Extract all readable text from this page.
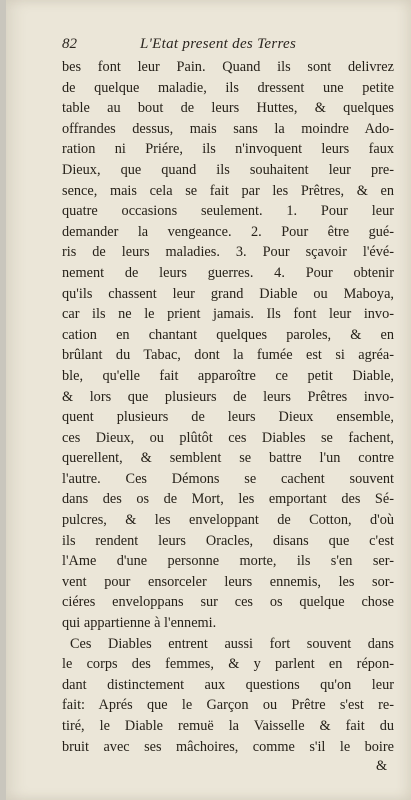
82	L'Etat present des Terres
bes font leur Pain. Quand ils sont delivrez
de quelque maladie, ils dressent une petite
table au bout de leurs Huttes, & quelques
offrandes dessus, mais sans la moindre Ado-
ration ni Priére, ils n'invoquent leurs faux
Dieux, que quand ils souhaitent leur pre-
sence, mais cela se fait par les Prêtres, & en
quatre occasions seulement. 1. Pour leur
demander la vengeance. 2. Pour être gué-
ris de leurs maladies. 3. Pour sçavoir l'évé-
nement de leurs guerres. 4. Pour obtenir
qu'ils chassent leur grand Diable ou Maboya,
car ils ne le prient jamais. Ils font leur invo-
cation en chantant quelques paroles, & en
brûlant du Tabac, dont la fumée est si agréa-
ble, qu'elle fait apparoître ce petit Diable,
& lors que plusieurs de leurs Prêtres invo-
quent plusieurs de leurs Dieux ensemble,
ces Dieux, ou plûtôt ces Diables se fachent,
querellent, & semblent se battre l'un contre
l'autre. Ces Démons se cachent souvent
dans des os de Mort, les emportant des Sé-
pulcres, & les enveloppant de Cotton, d'où
ils rendent leurs Oracles, disans que c'est
l'Ame d'une personne morte, ils s'en ser-
vent pour ensorceler leurs ennemis, les sor-
ciéres enveloppans sur ces os quelque chose
qui appartienne à l'ennemi.
Ces Diables entrent aussi fort souvent dans
le corps des femmes, & y parlent en répon-
dant distinctement aux questions qu'on leur
fait: Aprés que le Garçon ou Prêtre s'est re-
tiré, le Diable remuë la Vaisselle & fait du
bruit avec ses mâchoires, comme s'il le boire
&
